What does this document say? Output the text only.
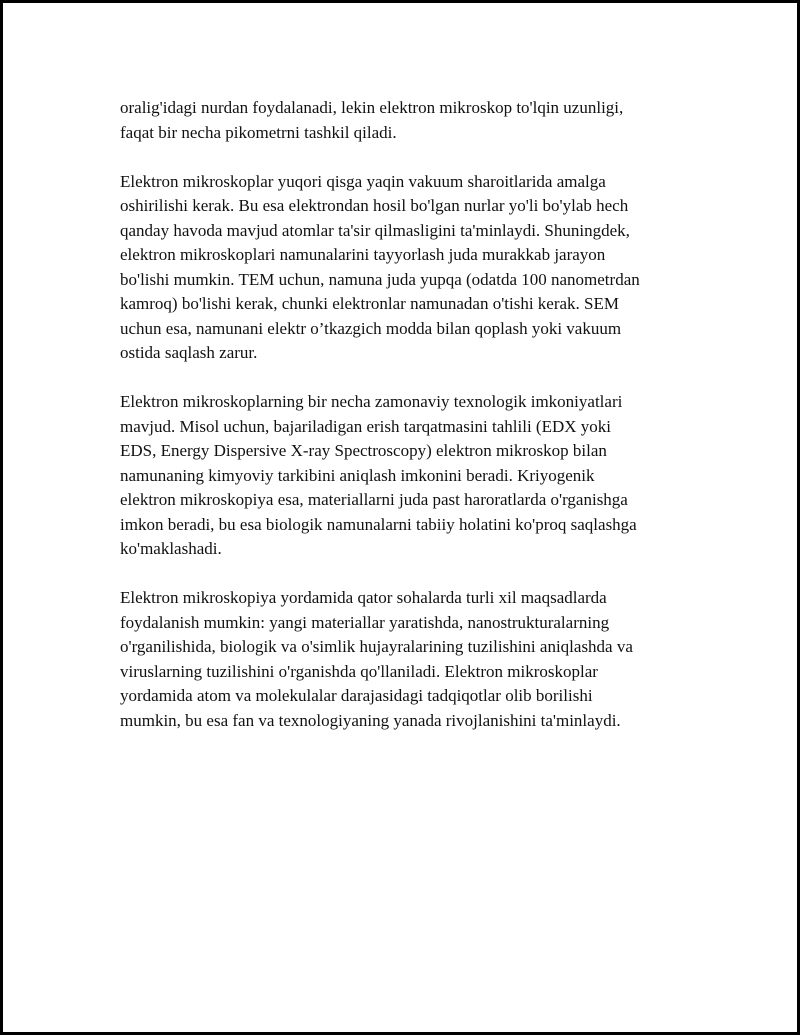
oralig'idagi nurdan foydalanadi, lekin elektron mikroskop to'lqin uzunligi,
faqat bir necha pikometrni tashkil qiladi.

Elektron mikroskoplar yuqori qisga yaqin vakuum sharoitlarida amalga
oshirilishi kerak. Bu esa elektrondan hosil bo'lgan nurlar yo'li bo'ylab hech
qanday havoda mavjud atomlar ta'sir qilmasligini ta'minlaydi. Shuningdek,
elektron mikroskoplari namunalarini tayyorlash juda murakkab jarayon
bo'lishi mumkin. TEM uchun, namuna juda yupqa (odatda 100 nanometrdan
kamroq) bo'lishi kerak, chunki elektronlar namunadan o'tishi kerak. SEM
uchun esa, namunani elektr o’tkazgich modda bilan qoplash yoki vakuum
ostida saqlash zarur.

Elektron mikroskoplarning bir necha zamonaviy texnologik imkoniyatlari
mavjud. Misol uchun, bajariladigan erish tarqatmasini tahlili (EDX yoki
EDS, Energy Dispersive X-ray Spectroscopy) elektron mikroskop bilan
namunaning kimyoviy tarkibini aniqlash imkonini beradi. Kriyogenik
elektron mikroskopiya esa, materiallarni juda past haroratlarda o'rganishga
imkon beradi, bu esa biologik namunalarni tabiiy holatini ko'proq saqlashga
ko'maklashadi.

Elektron mikroskopiya yordamida qator sohalarda turli xil maqsadlarda
foydalanish mumkin: yangi materiallar yaratishda, nanostrukturalarning
o'rganilishida, biologik va o'simlik hujayralarining tuzilishini aniqlashda va
viruslarning tuzilishini o'rganishda qo'llaniladi. Elektron mikroskoplar
yordamida atom va molekulalar darajasidagi tadqiqotlar olib borilishi
mumkin, bu esa fan va texnologiyaning yanada rivojlanishini ta'minlaydi.
